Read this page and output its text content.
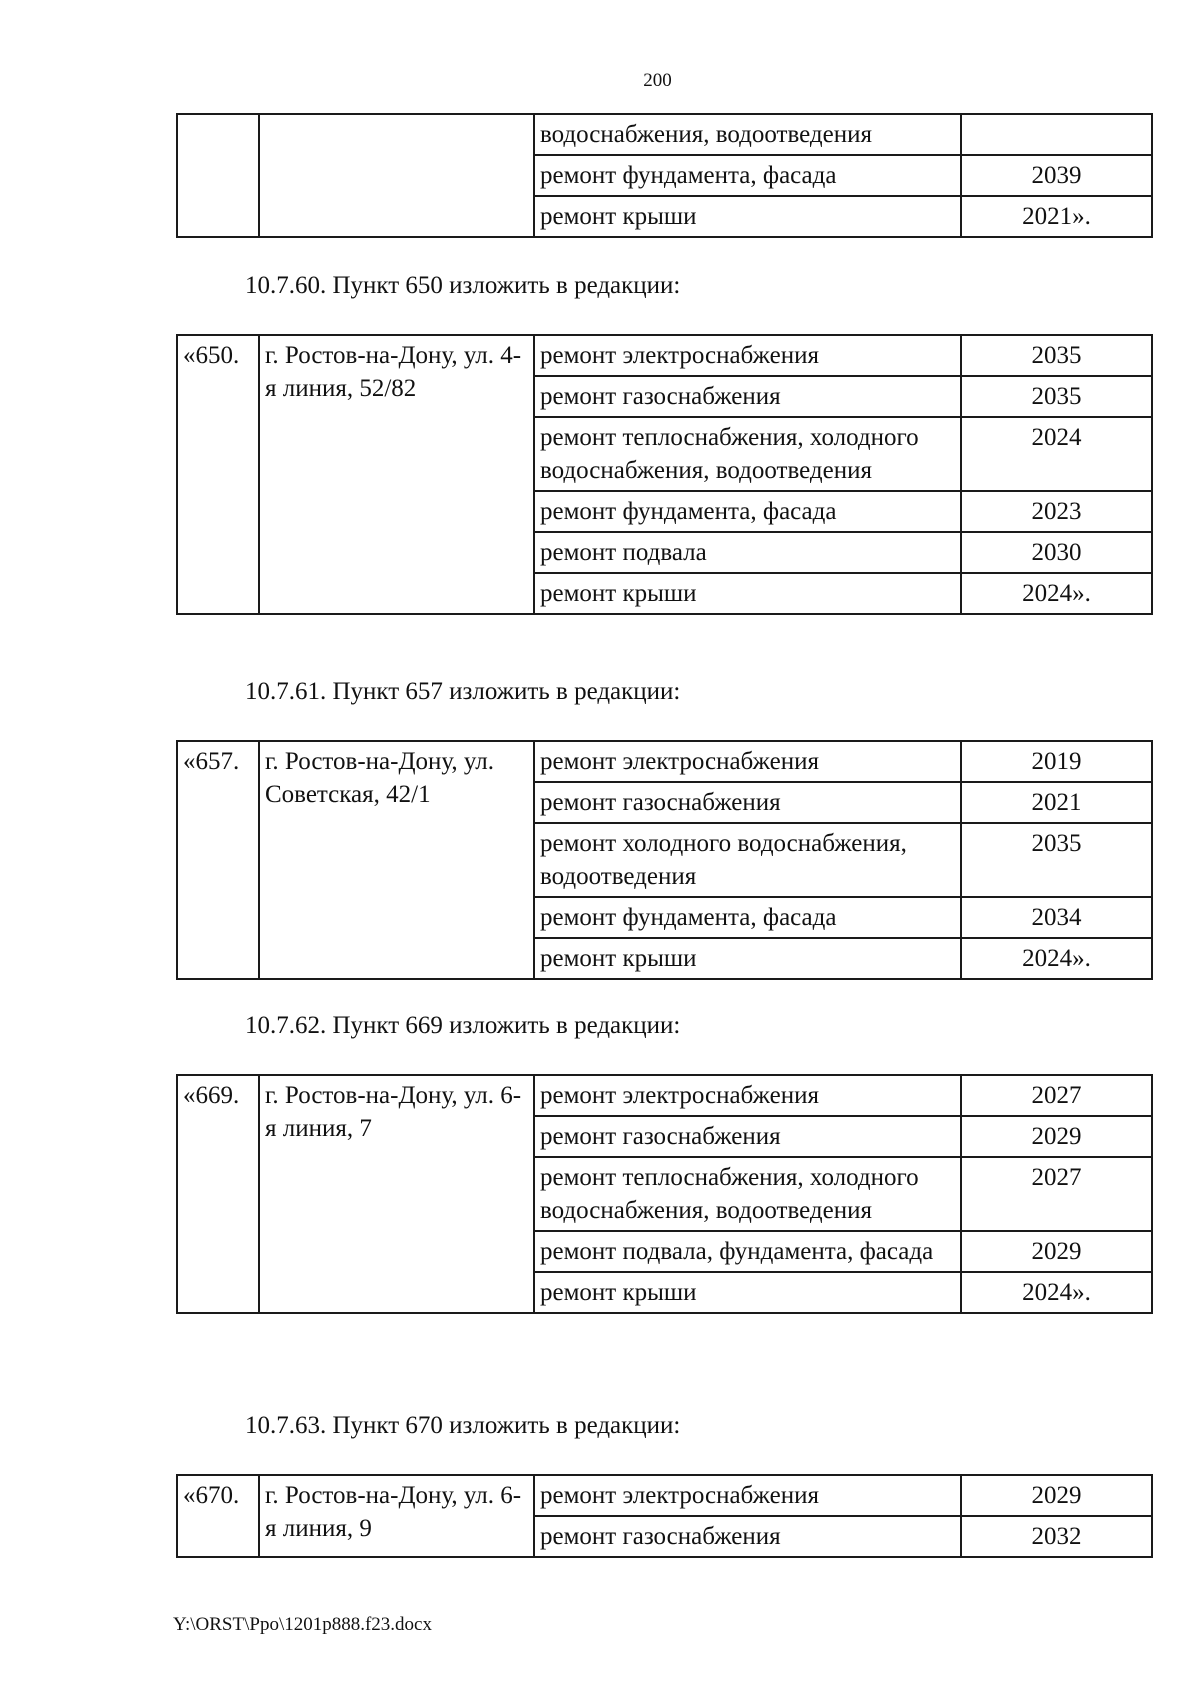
200
		водоснабжения, водоотведения	
		ремонт фундамента, фасада	2039
		ремонт крыши	2021».
10.7.60. Пункт 650 изложить в редакции:
«650.	г. Ростов-на-Дону, ул. 4-я линия, 52/82	ремонт электроснабжения	2035
		ремонт газоснабжения	2035
		ремонт теплоснабжения, холодного водоснабжения, водоотведения	2024
		ремонт фундамента, фасада	2023
		ремонт подвала	2030
		ремонт крыши	2024».
10.7.61. Пункт 657 изложить в редакции:
«657.	г. Ростов-на-Дону, ул. Советская, 42/1	ремонт электроснабжения	2019
		ремонт газоснабжения	2021
		ремонт холодного водоснабжения, водоотведения	2035
		ремонт фундамента, фасада	2034
		ремонт крыши	2024».
10.7.62. Пункт 669 изложить в редакции:
«669.	г. Ростов-на-Дону, ул. 6-я линия, 7	ремонт электроснабжения	2027
		ремонт газоснабжения	2029
		ремонт теплоснабжения, холодного водоснабжения, водоотведения	2027
		ремонт подвала, фундамента, фасада	2029
		ремонт крыши	2024».
10.7.63. Пункт 670 изложить в редакции:
«670.	г. Ростов-на-Дону, ул. 6-я линия, 9	ремонт электроснабжения	2029
		ремонт газоснабжения	2032
Y:\ORST\Ppo\1201p888.f23.docx
